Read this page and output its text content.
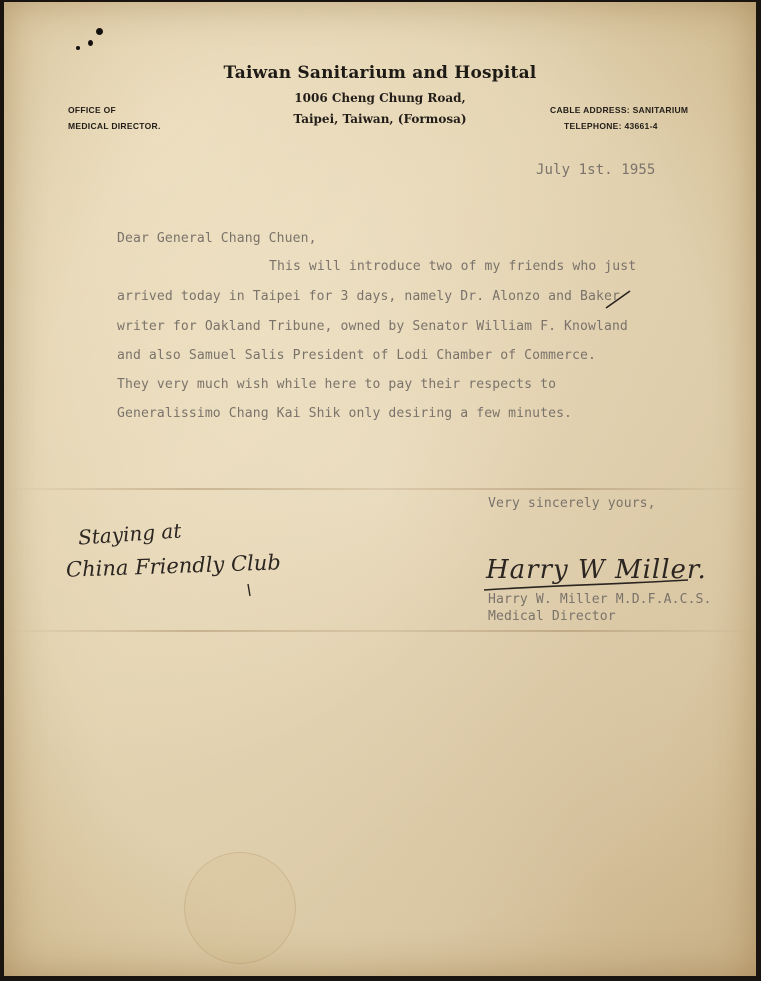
Taiwan Sanitarium and Hospital
1006 Cheng Chung Road,
Taipei, Taiwan, (Formosa)
OFFICE OF
MEDICAL DIRECTOR.
CABLE ADDRESS: SANITARIUM
TELEPHONE: 43661-4
July 1st. 1955
Dear General Chang Chuen,
This will introduce two of my friends who just
arrived today in Taipei for 3 days, namely Dr. Alonzo and Baker
writer for Oakland Tribune, owned by Senator William F. Knowland
and also Samuel Salis President of Lodi Chamber of Commerce.
They very much wish while here to pay their respects to
Generalissimo Chang Kai Shik only desiring a few minutes.
Very sincerely yours,
Staying at
China Friendly Club	Harry W Miller.
Harry W. Miller M.D.F.A.C.S.
Medical Director
